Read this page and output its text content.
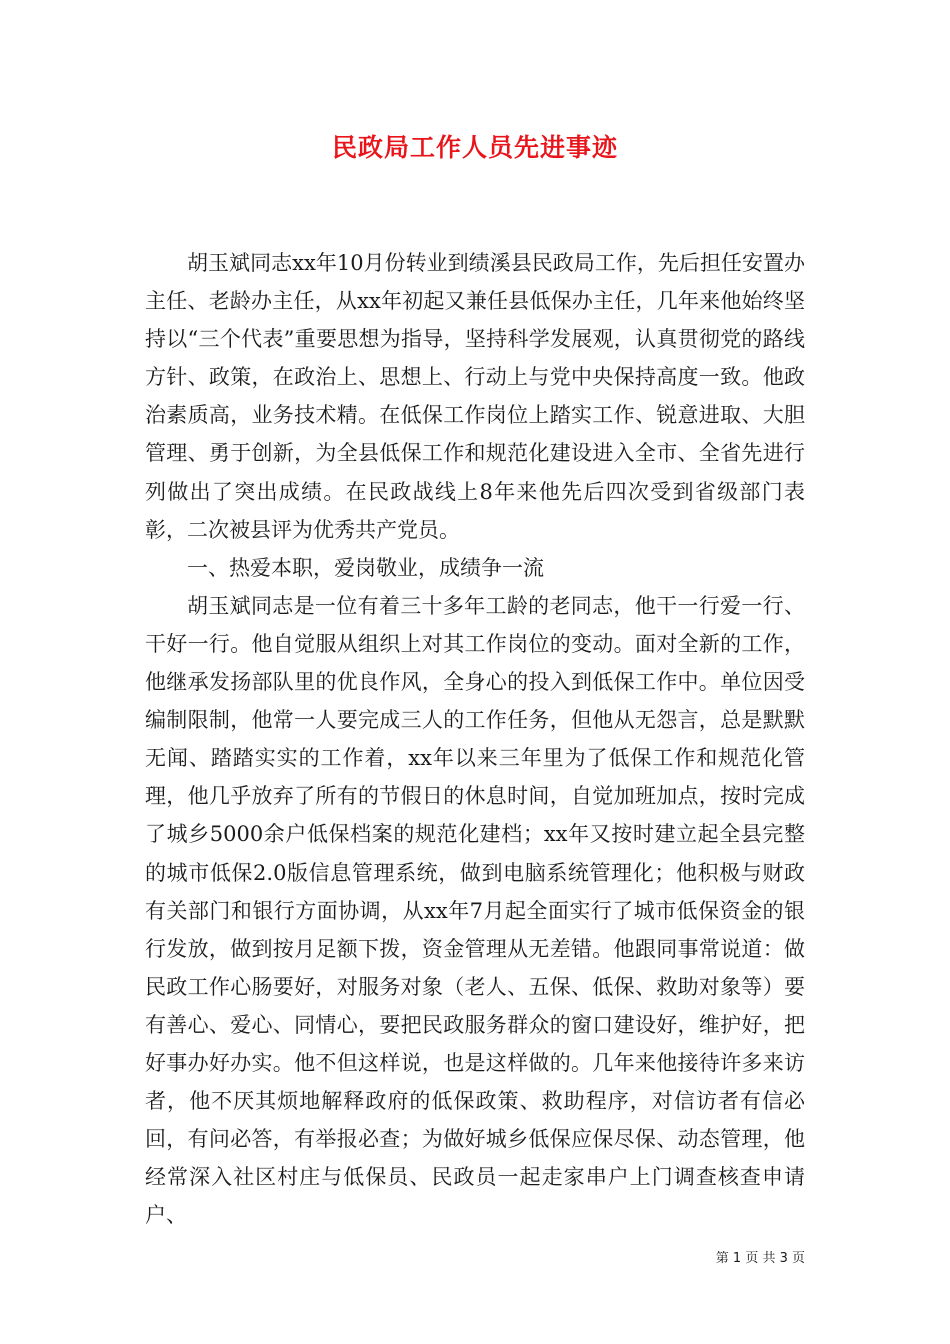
民政局工作人员先进事迹

胡玉斌同志xx年10月份转业到绩溪县民政局工作，先后担任安置办主任、老龄办主任，从xx年初起又兼任县低保办主任，几年来他始终坚持以“三个代表”重要思想为指导，坚持科学发展观，认真贯彻党的路线方针、政策，在政治上、思想上、行动上与党中央保持高度一致。他政治素质高，业务技术精。在低保工作岗位上踏实工作、锐意进取、大胆管理、勇于创新，为全县低保工作和规范化建设进入全市、全省先进行列做出了突出成绩。在民政战线上8年来他先后四次受到省级部门表彰，二次被县评为优秀共产党员。

一、热爱本职，爱岗敬业，成绩争一流

胡玉斌同志是一位有着三十多年工龄的老同志，他干一行爱一行、干好一行。他自觉服从组织上对其工作岗位的变动。面对全新的工作，他继承发扬部队里的优良作风，全身心的投入到低保工作中。单位因受编制限制，他常一人要完成三人的工作任务，但他从无怨言，总是默默无闻、踏踏实实的工作着，xx年以来三年里为了低保工作和规范化管理，他几乎放弃了所有的节假日的休息时间，自觉加班加点，按时完成了城乡5000余户低保档案的规范化建档；xx年又按时建立起全县完整的城市低保2.0版信息管理系统，做到电脑系统管理化；他积极与财政有关部门和银行方面协调，从xx年7月起全面实行了城市低保资金的银行发放，做到按月足额下拨，资金管理从无差错。他跟同事常说道：做民政工作心肠要好，对服务对象（老人、五保、低保、救助对象等）要有善心、爱心、同情心，要把民政服务群众的窗口建设好，维护好，把好事办好办实。他不但这样说，也是这样做的。几年来他接待许多来访者，他不厌其烦地解释政府的低保政策、救助程序，对信访者有信必回，有问必答，有举报必查；为做好城乡低保应保尽保、动态管理，他经常深入社区村庄与低保员、民政员一起走家串户上门调查核查申请户、

第 1 页 共 3 页
